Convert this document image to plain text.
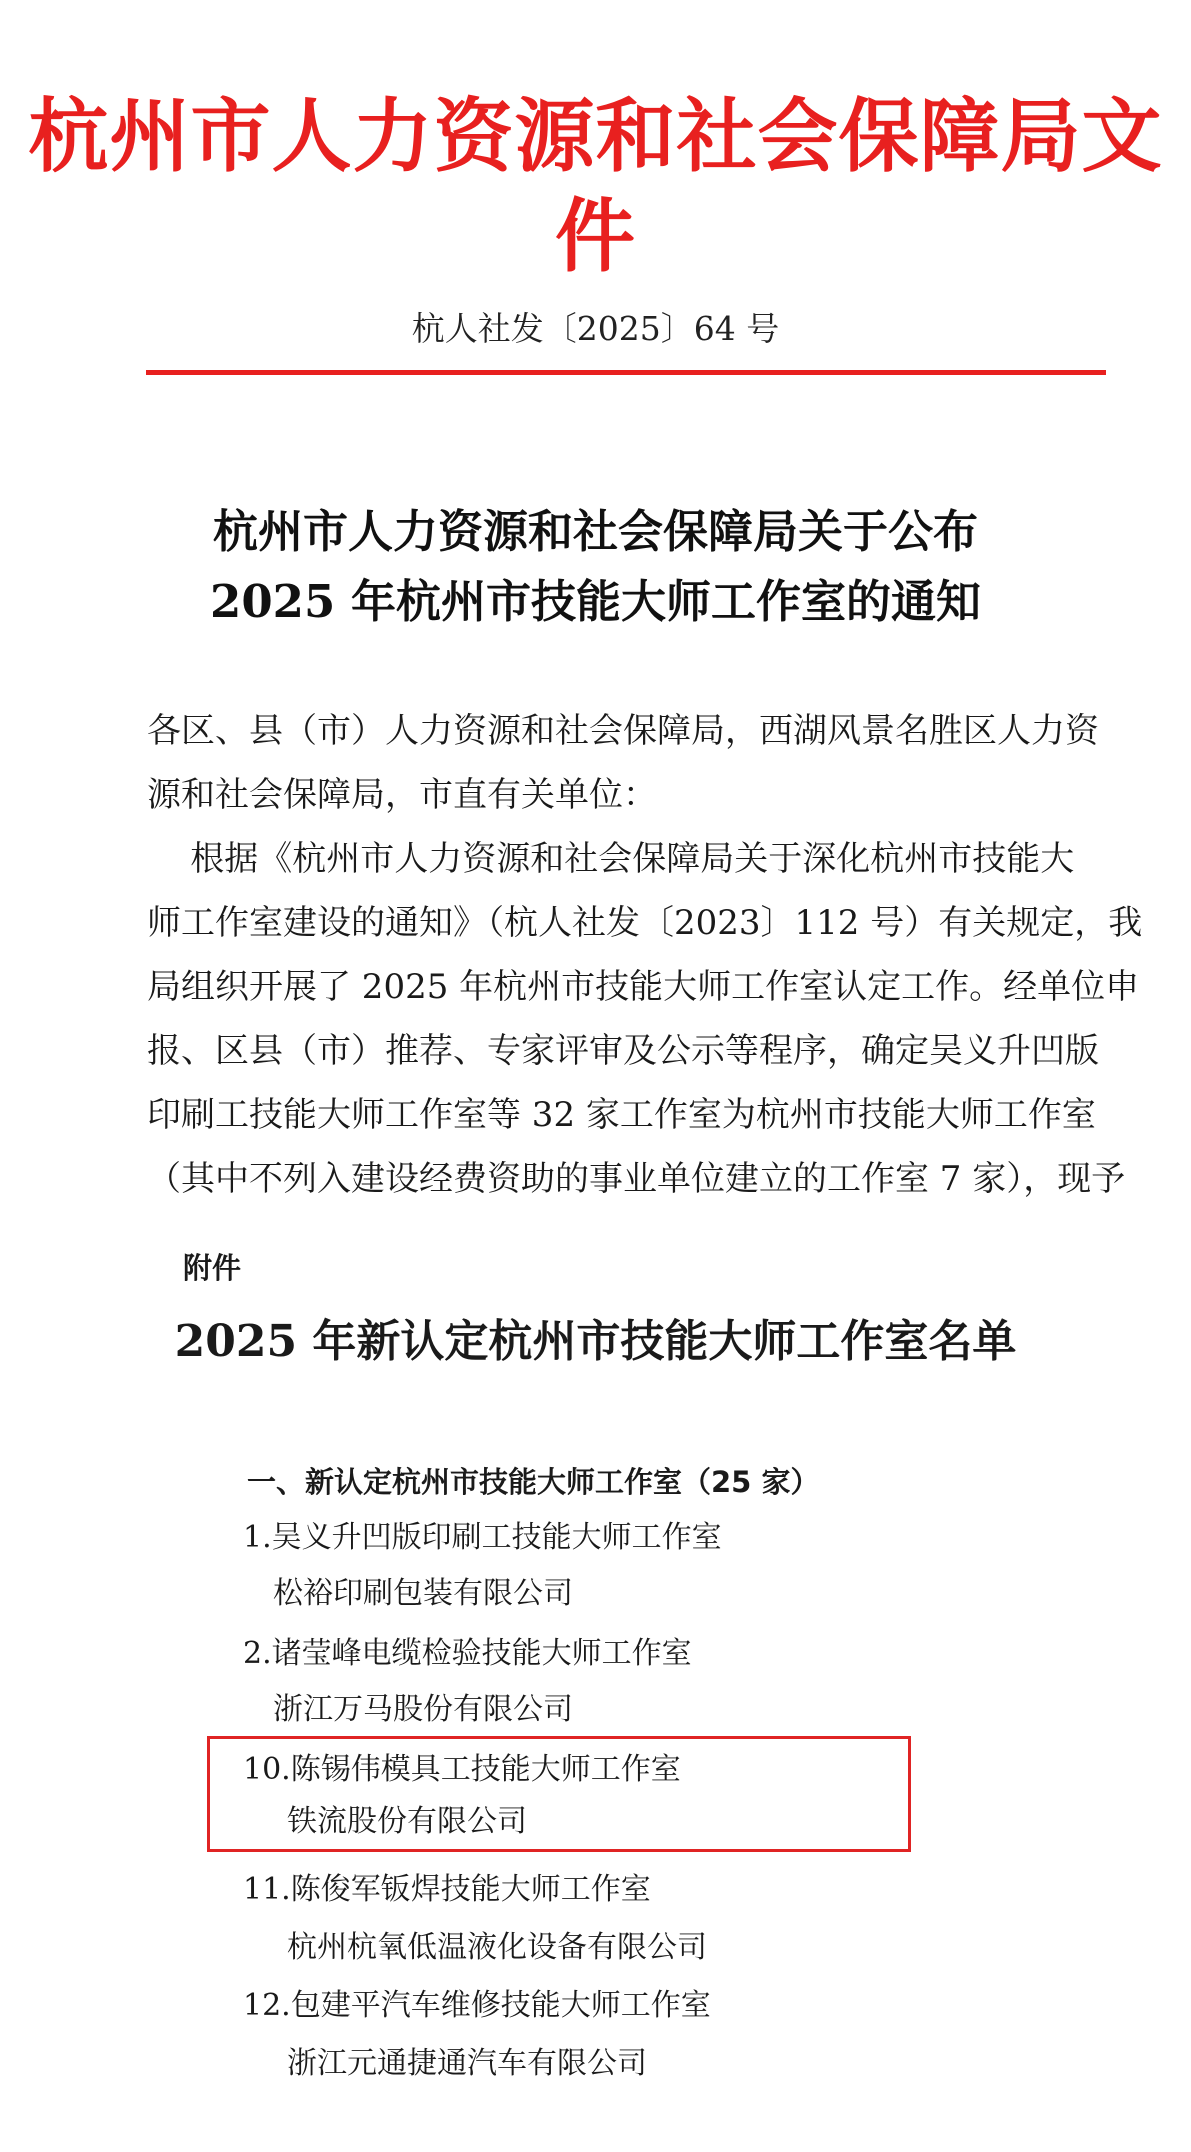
杭州市人力资源和社会保障局文件
杭人社发〔2025〕64 号
杭州市人力资源和社会保障局关于公布
2025 年杭州市技能大师工作室的通知
各区、县（市）人力资源和社会保障局，西湖风景名胜区人力资
源和社会保障局，市直有关单位：
根据《杭州市人力资源和社会保障局关于深化杭州市技能大
师工作室建设的通知》（杭人社发〔2023〕112 号）有关规定，我
局组织开展了 2025 年杭州市技能大师工作室认定工作。经单位申
报、区县（市）推荐、专家评审及公示等程序，确定吴义升凹版
印刷工技能大师工作室等 32 家工作室为杭州市技能大师工作室
（其中不列入建设经费资助的事业单位建立的工作室 7 家），现予
附件
2025 年新认定杭州市技能大师工作室名单
一、新认定杭州市技能大师工作室（25 家）
1.吴义升凹版印刷工技能大师工作室
松裕印刷包装有限公司
2.诸莹峰电缆检验技能大师工作室
浙江万马股份有限公司
10.陈锡伟模具工技能大师工作室
铁流股份有限公司
11.陈俊军钣焊技能大师工作室
杭州杭氧低温液化设备有限公司
12.包建平汽车维修技能大师工作室
浙江元通捷通汽车有限公司
